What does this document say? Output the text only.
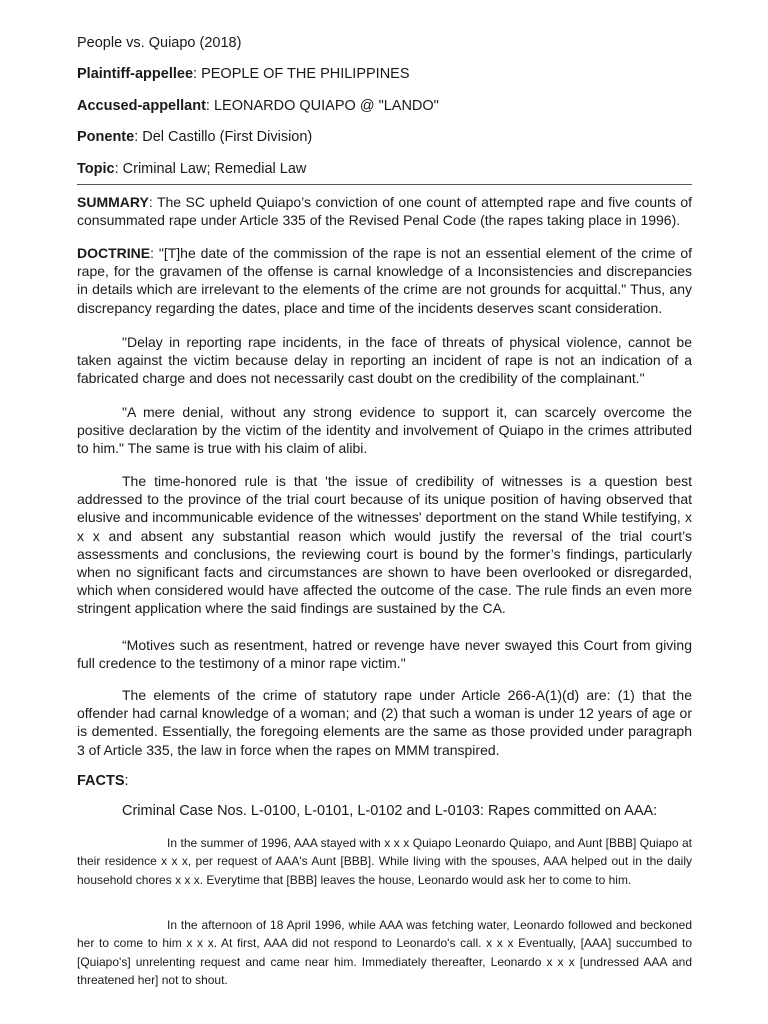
People vs. Quiapo (2018)
Plaintiff-appellee: PEOPLE OF THE PHILIPPINES
Accused-appellant: LEONARDO QUIAPO @ "LANDO"
Ponente: Del Castillo (First Division)
Topic: Criminal Law; Remedial Law

SUMMARY: The SC upheld Quiapo’s conviction of one count of attempted rape and five counts of consummated rape under Article 335 of the Revised Penal Code (the rapes taking place in 1996).

DOCTRINE: "[T]he date of the commission of the rape is not an essential element of the crime of rape, for the gravamen of the offense is carnal knowledge of a Inconsistencies and discrepancies in details which are irrelevant to the elements of the crime are not grounds for acquittal." Thus, any discrepancy regarding the dates, place and time of the incidents deserves scant consideration.

"Delay in reporting rape incidents, in the face of threats of physical violence, cannot be taken against the victim because delay in reporting an incident of rape is not an indication of a fabricated charge and does not necessarily cast doubt on the credibility of the complainant."

"A mere denial, without any strong evidence to support it, can scarcely overcome the positive declaration by the victim of the identity and involvement of Quiapo in the crimes attributed to him." The same is true with his claim of alibi.

The time-honored rule is that 'the issue of credibility of witnesses is a question best addressed to the province of the trial court because of its unique position of having observed that elusive and incommunicable evidence of the witnesses' deportment on the stand While testifying, x x x and absent any substantial reason which would justify the reversal of the trial court’s assessments and conclusions, the reviewing court is bound by the former’s findings, particularly when no significant facts and circumstances are shown to have been overlooked or disregarded, which when considered would have affected the outcome of the case. The rule finds an even more stringent application where the said findings are sustained by the CA.

“Motives such as resentment, hatred or revenge have never swayed this Court from giving full credence to the testimony of a minor rape victim."

The elements of the crime of statutory rape under Article 266-A(1)(d) are: (1) that the offender had carnal knowledge of a woman; and (2) that such a woman is under 12 years of age or is demented. Essentially, the foregoing elements are the same as those provided under paragraph 3 of Article 335, the law in force when the rapes on MMM transpired.

FACTS:
Criminal Case Nos. L-0100, L-0101, L-0102 and L-0103: Rapes committed on AAA:

In the summer of 1996, AAA stayed with x x x Quiapo Leonardo Quiapo, and Aunt [BBB] Quiapo at their residence x x x, per request of AAA's Aunt [BBB]. While living with the spouses, AAA helped out in the daily household chores x x x. Everytime that [BBB] leaves the house, Leonardo would ask her to come to him.

In the afternoon of 18 April 1996, while AAA was fetching water, Leonardo followed and beckoned her to come to him x x x. At first, AAA did not respond to Leonardo's call. x x x Eventually, [AAA] succumbed to [Quiapo's] unrelenting request and came near him. Immediately thereafter, Leonardo x x x [undressed AAA and threatened her] not to shout.
